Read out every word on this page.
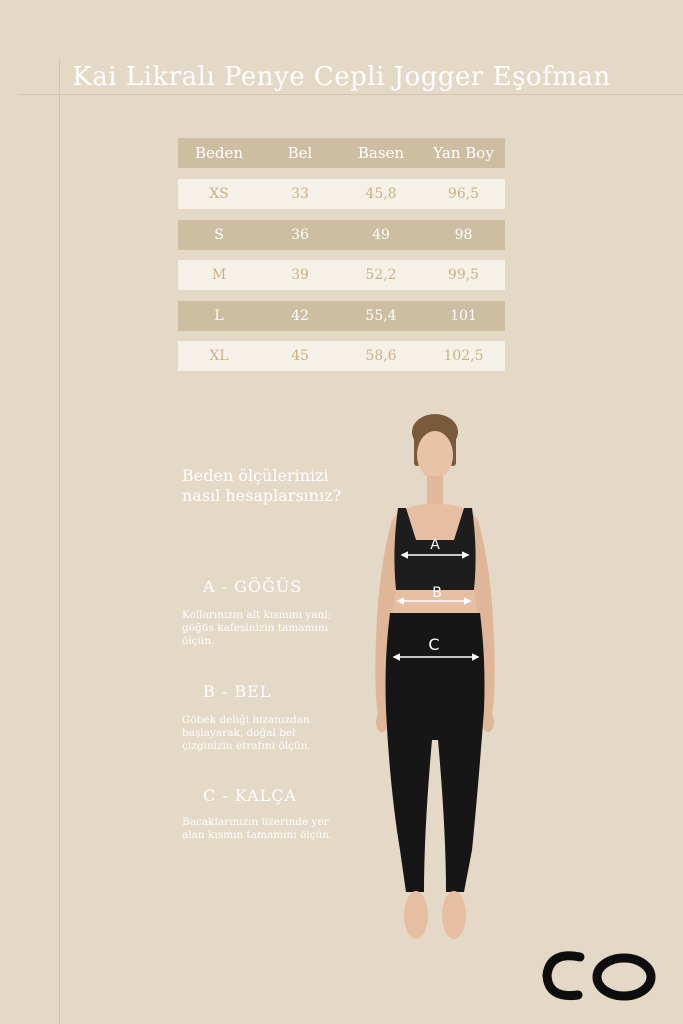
Kai Likralı Penye Cepli Jogger Eşofman
Beden	Bel	Basen	Yan Boy
XS	33	45,8	96,5
S	36	49	98
M	39	52,2	99,5
L	42	55,4	101
XL	45	58,6	102,5
Beden ölçülerinizi
nasıl hesaplarsınız?
A - GÖĞÜS
Kollarınızın alt kısmını yani;
göğüs kafesinizin tamamını
ölçün.
B - BEL
Göbek deliği hizanızdan
başlayarak, doğal bel
çizginizin etrafını ölçün.
C - KALÇA
Bacaklarınızın üzerinde yer
alan kısmın tamamını ölçün.
A
B
C
